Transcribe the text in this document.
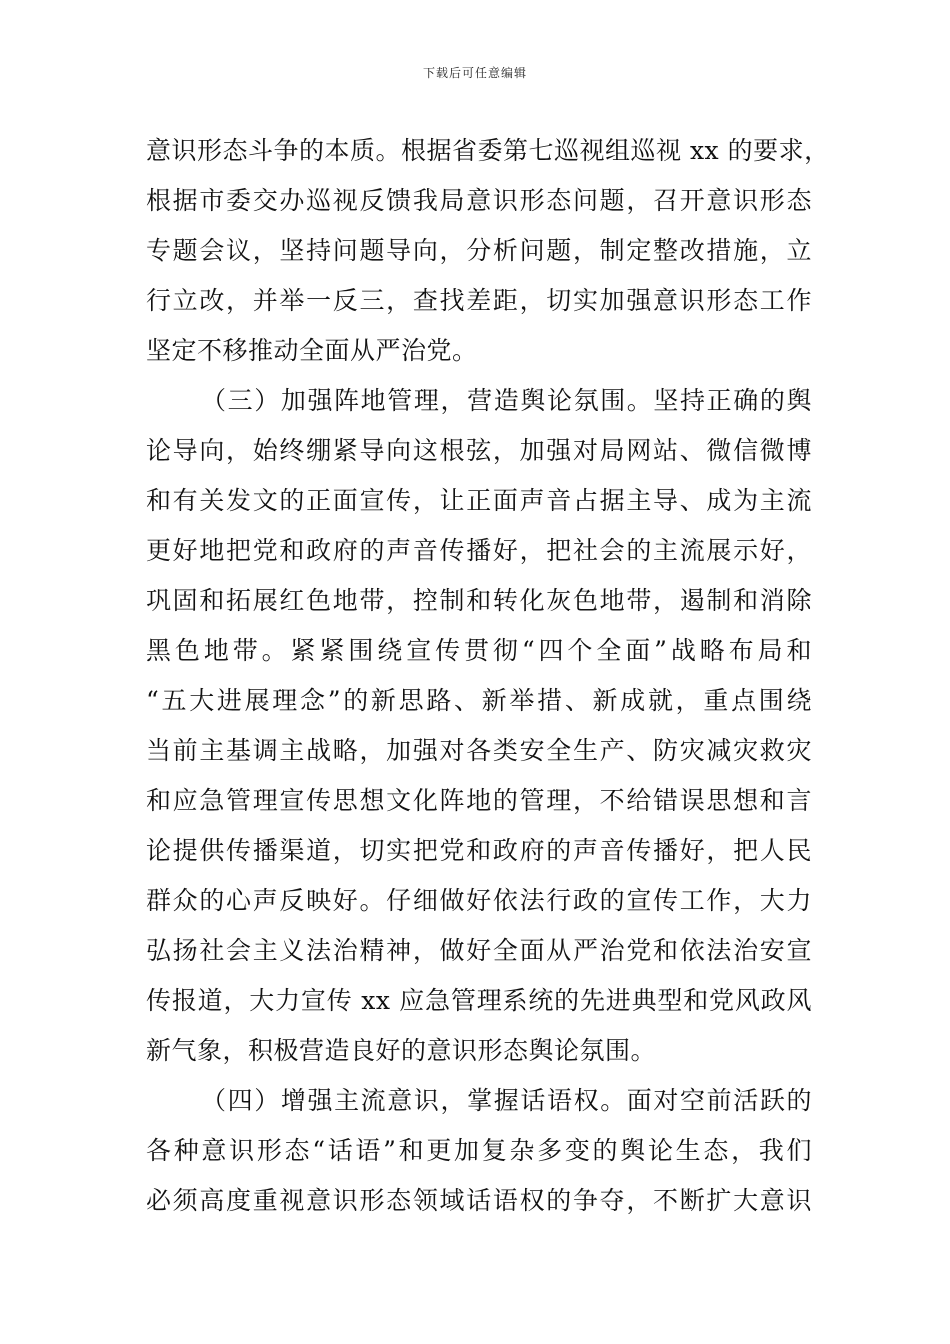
下载后可任意编辑
意识形态斗争的本质。根据省委第七巡视组巡视 xx 的要求，
根据市委交办巡视反馈我局意识形态问题，召开意识形态
专题会议，坚持问题导向，分析问题，制定整改措施，立
行立改，并举一反三，查找差距，切实加强意识形态工作
坚定不移推动全面从严治党。
（三）加强阵地管理，营造舆论氛围。坚持正确的舆
论导向，始终绷紧导向这根弦，加强对局网站、微信微博
和有关发文的正面宣传，让正面声音占据主导、成为主流
更好地把党和政府的声音传播好，把社会的主流展示好，
巩固和拓展红色地带，控制和转化灰色地带，遏制和消除
黑色地带。紧紧围绕宣传贯彻“四个全面”战略布局和
“五大进展理念”的新思路、新举措、新成就，重点围绕
当前主基调主战略，加强对各类安全生产、防灾减灾救灾
和应急管理宣传思想文化阵地的管理，不给错误思想和言
论提供传播渠道，切实把党和政府的声音传播好，把人民
群众的心声反映好。仔细做好依法行政的宣传工作，大力
弘扬社会主义法治精神，做好全面从严治党和依法治安宣
传报道，大力宣传 xx 应急管理系统的先进典型和党风政风
新气象，积极营造良好的意识形态舆论氛围。
（四）增强主流意识，掌握话语权。面对空前活跃的
各种意识形态“话语”和更加复杂多变的舆论生态，我们
必须高度重视意识形态领域话语权的争夺，不断扩大意识
